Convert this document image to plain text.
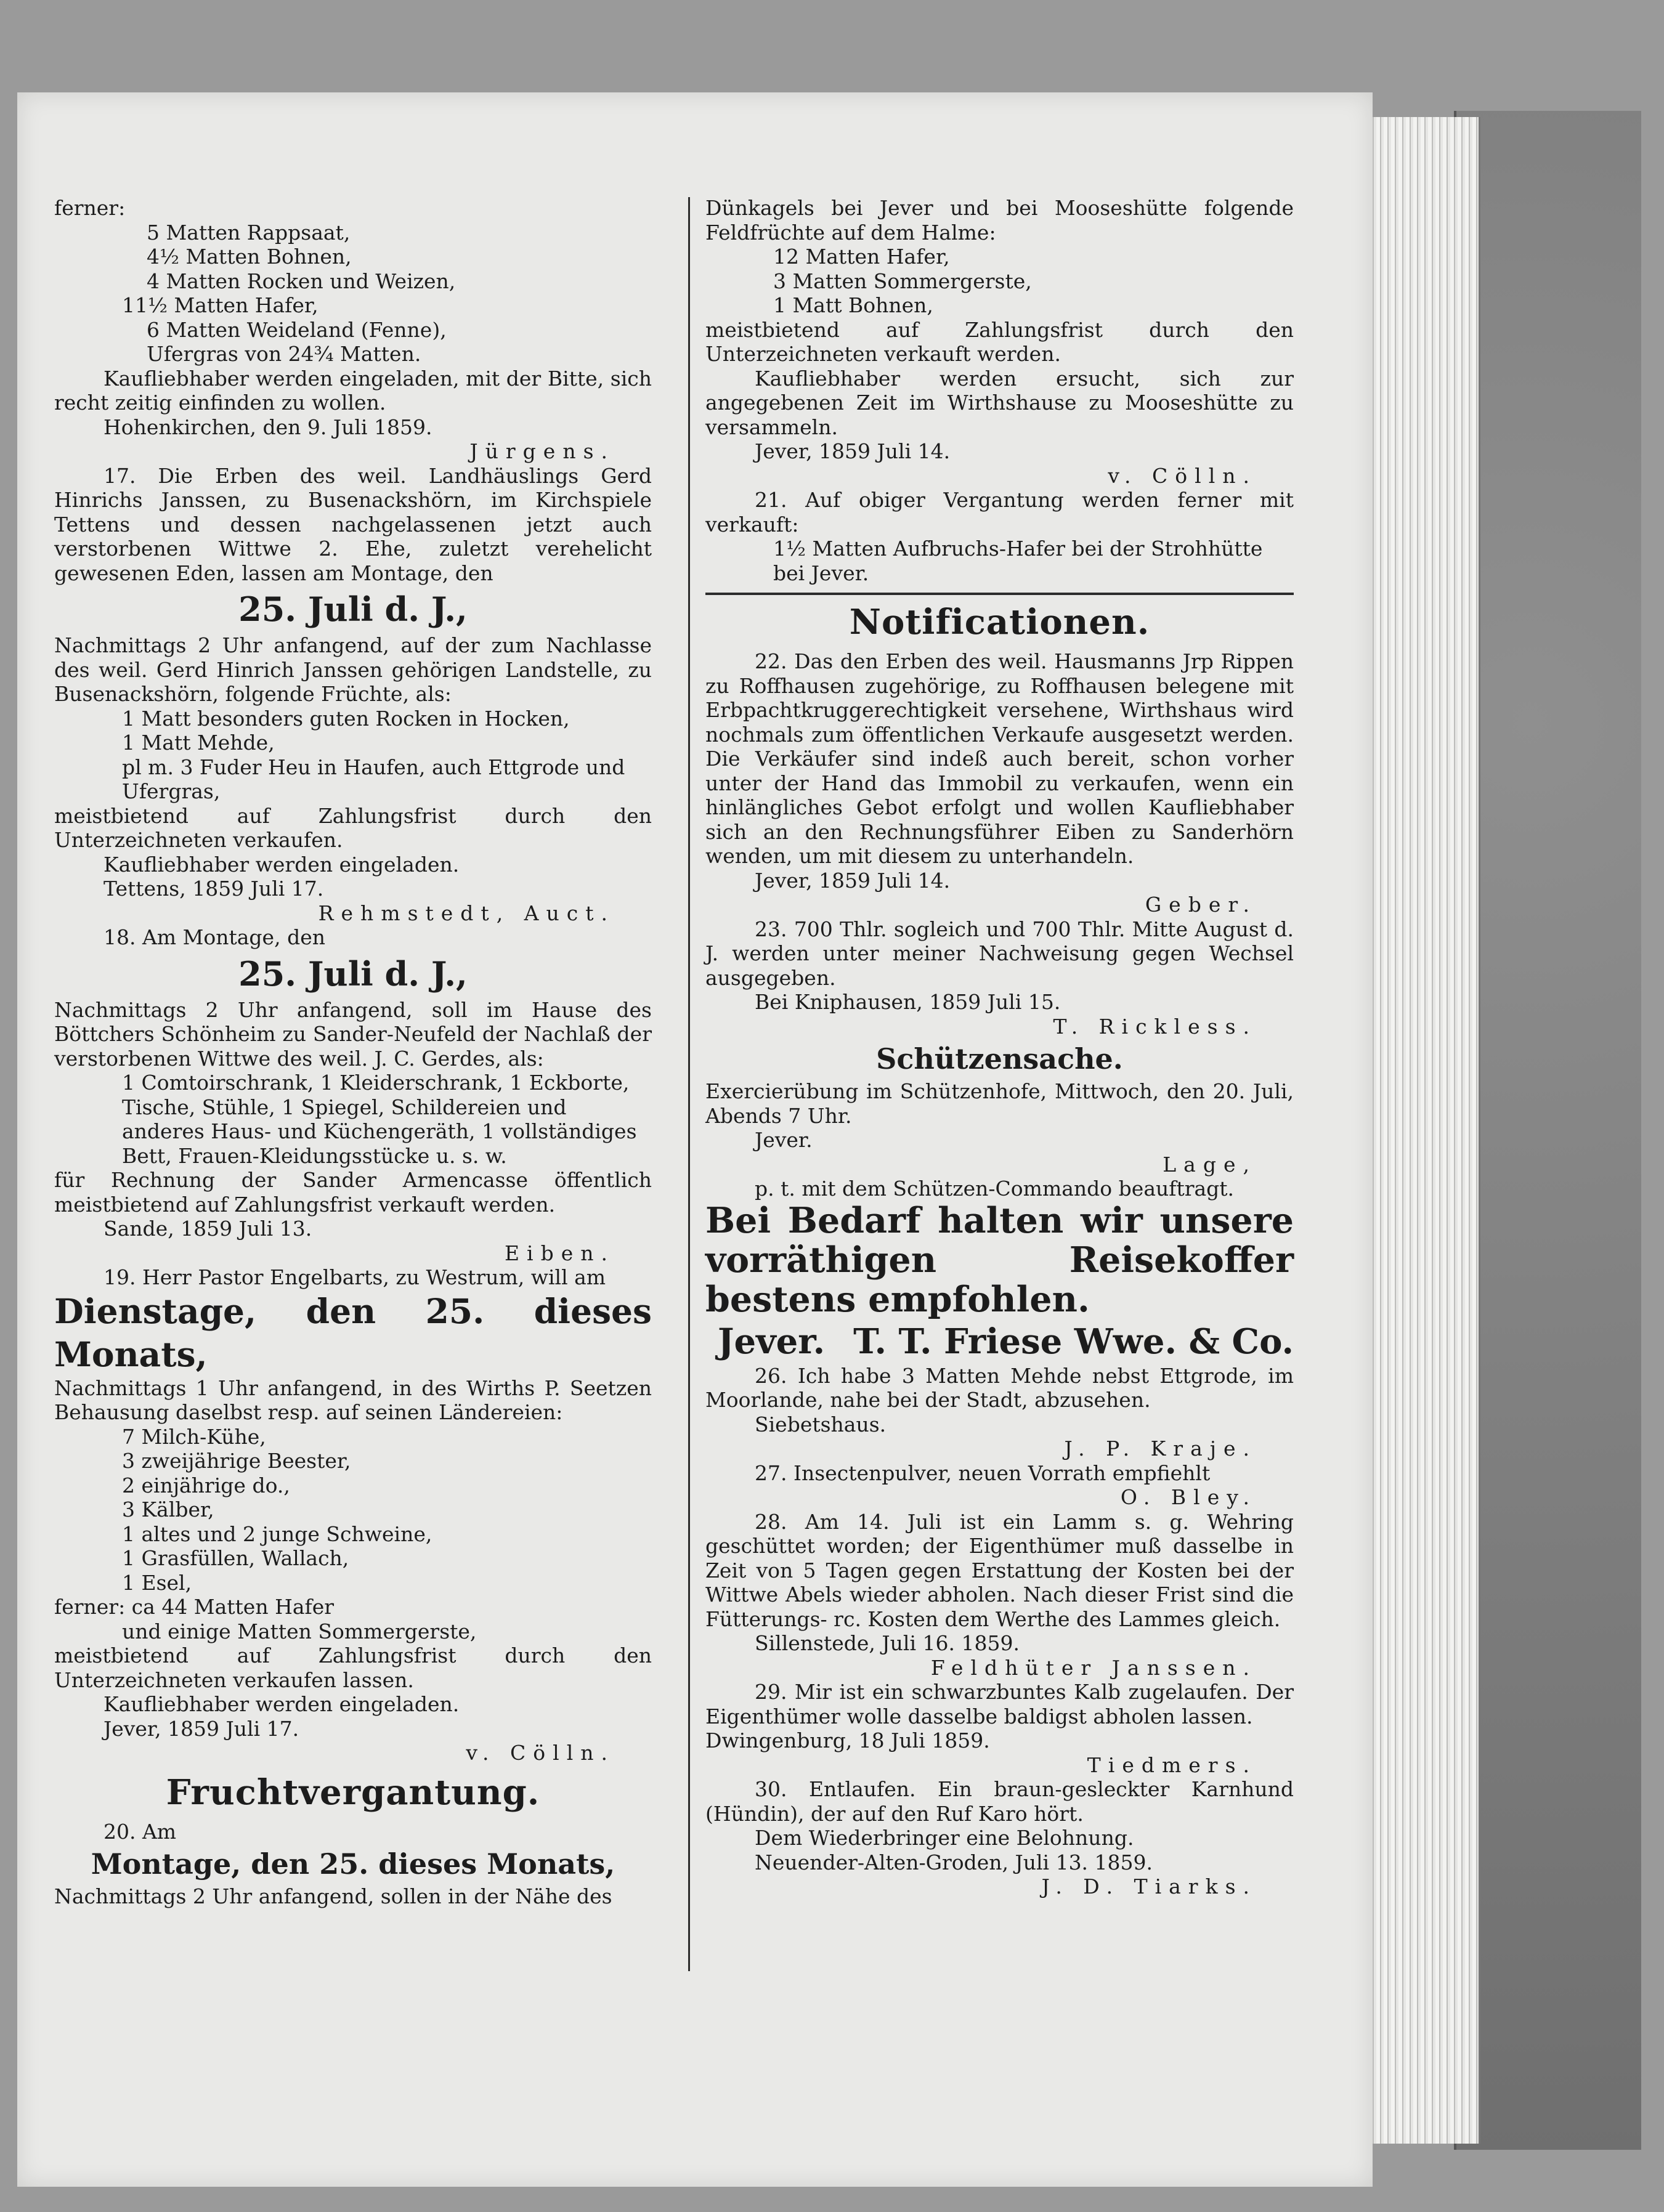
ferner:

5 Matten Rappsaat,

4½ Matten Bohnen,

4 Matten Rocken und Weizen,

11½ Matten Hafer,

6 Matten Weideland (Fenne),

Ufergras von 24¾ Matten.

Kaufliebhaber werden eingeladen, mit der Bitte, sich recht zeitig einfinden zu wollen.

Hohenkirchen, den 9. Juli 1859.

Jürgens.

17. Die Erben des weil. Landhäuslings Gerd Hinrichs Janssen, zu Busenackshörn, im Kirchspiele Tettens und dessen nachgelassenen jetzt auch verstorbenen Wittwe 2. Ehe, zuletzt verehelicht gewesenen Eden, lassen am Montage, den

25. Juli d. J.,

Nachmittags 2 Uhr anfangend, auf der zum Nachlasse des weil. Gerd Hinrich Janssen gehörigen Landstelle, zu Busenackshörn, folgende Früchte, als:

1 Matt besonders guten Rocken in Hocken,

1 Matt Mehde,

pl m. 3 Fuder Heu in Haufen, auch Ettgrode und Ufergras,

meistbietend auf Zahlungsfrist durch den Unterzeichneten verkaufen.

Kaufliebhaber werden eingeladen.

Tettens, 1859 Juli 17.

Rehmstedt, Auct.

18. Am Montage, den

25. Juli d. J.,

Nachmittags 2 Uhr anfangend, soll im Hause des Böttchers Schönheim zu Sander-Neufeld der Nachlaß der verstorbenen Wittwe des weil. J. C. Gerdes, als:

1 Comtoirschrank, 1 Kleiderschrank, 1 Eckborte, Tische, Stühle, 1 Spiegel, Schildereien und anderes Haus- und Küchengeräth, 1 vollständiges Bett, Frauen-Kleidungsstücke u. s. w.

für Rechnung der Sander Armencasse öffentlich meistbietend auf Zahlungsfrist verkauft werden.

Sande, 1859 Juli 13.

Eiben.

19. Herr Pastor Engelbarts, zu Westrum, will am

Dienstage, den 25. dieses Monats,

Nachmittags 1 Uhr anfangend, in des Wirths P. Seetzen Behausung daselbst resp. auf seinen Ländereien:

7 Milch-Kühe,

3 zweijährige Beester,

2 einjährige do.,

3 Kälber,

1 altes und 2 junge Schweine,

1 Grasfüllen, Wallach,

1 Esel,

ferner: ca 44 Matten Hafer

und einige Matten Sommergerste,

meistbietend auf Zahlungsfrist durch den Unterzeichneten verkaufen lassen.

Kaufliebhaber werden eingeladen.

Jever, 1859 Juli 17.

v. Cölln.

Fruchtvergantung.

20. Am

Montage, den 25. dieses Monats,

Nachmittags 2 Uhr anfangend, sollen in der Nähe des

Dünkagels bei Jever und bei Mooseshütte folgende Feldfrüchte auf dem Halme:

12 Matten Hafer,

3 Matten Sommergerste,

1 Matt Bohnen,

meistbietend auf Zahlungsfrist durch den Unterzeichneten verkauft werden.

Kaufliebhaber werden ersucht, sich zur angegebenen Zeit im Wirthshause zu Mooseshütte zu versammeln.

Jever, 1859 Juli 14.

v. Cölln.

21. Auf obiger Vergantung werden ferner mit verkauft:

1½ Matten Aufbruchs-Hafer bei der Strohhütte bei Jever.

Notificationen.

22. Das den Erben des weil. Hausmanns Jrp Rippen zu Roffhausen zugehörige, zu Roffhausen belegene mit Erbpachtkruggerechtigkeit versehene, Wirthshaus wird nochmals zum öffentlichen Verkaufe ausgesetzt werden. Die Verkäufer sind indeß auch bereit, schon vorher unter der Hand das Immobil zu verkaufen, wenn ein hinlängliches Gebot erfolgt und wollen Kaufliebhaber sich an den Rechnungsführer Eiben zu Sanderhörn wenden, um mit diesem zu unterhandeln.

Jever, 1859 Juli 14.

Geber.

23. 700 Thlr. sogleich und 700 Thlr. Mitte August d. J. werden unter meiner Nachweisung gegen Wechsel ausgegeben.

Bei Kniphausen, 1859 Juli 15.

T. Rickless.

Schützensache.

Exercierübung im Schützenhofe, Mittwoch, den 20. Juli, Abends 7 Uhr.

Jever.

Lage,

p. t. mit dem Schützen-Commando beauftragt.

Bei Bedarf halten wir unsere vorräthigen Reisekoffer bestens empfohlen.

Jever. T. T. Friese Wwe. & Co.

26. Ich habe 3 Matten Mehde nebst Ettgrode, im Moorlande, nahe bei der Stadt, abzusehen.

Siebetshaus.

J. P. Kraje.

27. Insectenpulver, neuen Vorrath empfiehlt

O. Bley.

28. Am 14. Juli ist ein Lamm s. g. Wehring geschüttet worden; der Eigenthümer muß dasselbe in Zeit von 5 Tagen gegen Erstattung der Kosten bei der Wittwe Abels wieder abholen. Nach dieser Frist sind die Fütterungs- rc. Kosten dem Werthe des Lammes gleich.

Sillenstede, Juli 16. 1859.

Feldhüter Janssen.

29. Mir ist ein schwarzbuntes Kalb zugelaufen. Der Eigenthümer wolle dasselbe baldigst abholen lassen.

Dwingenburg, 18 Juli 1859.

Tiedmers.

30. Entlaufen. Ein braun-gesleckter Karnhund (Hündin), der auf den Ruf Karo hört.

Dem Wiederbringer eine Belohnung.

Neuender-Alten-Groden, Juli 13. 1859.

J. D. Tiarks.
